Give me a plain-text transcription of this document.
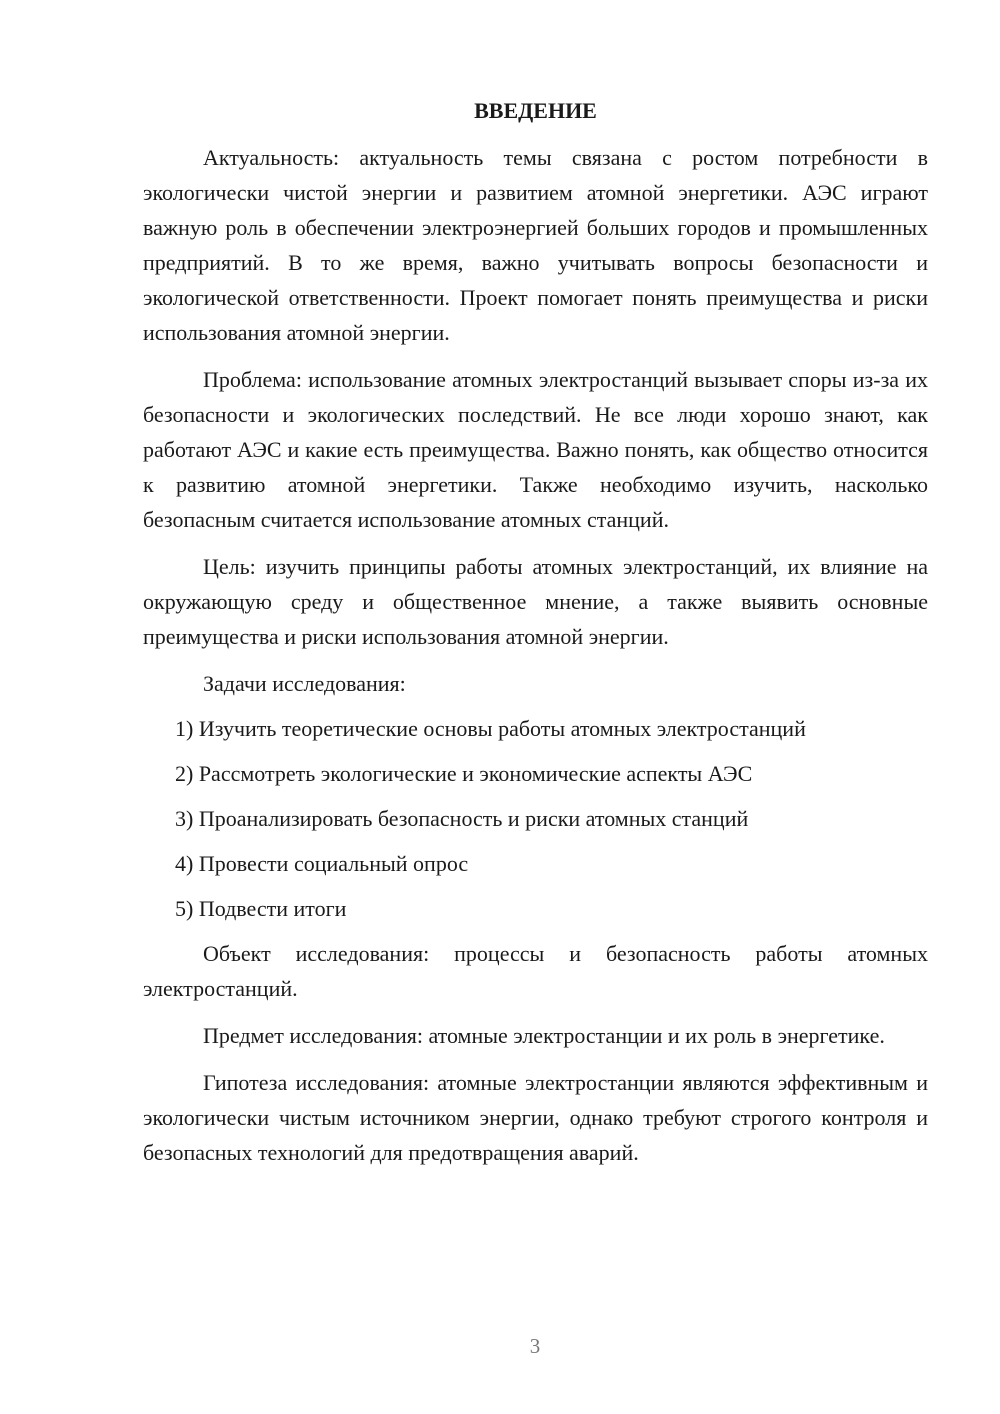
ВВЕДЕНИЕ

Актуальность: актуальность темы связана с ростом потребности в экологически чистой энергии и развитием атомной энергетики. АЭС играют важную роль в обеспечении электроэнергией больших городов и промышленных предприятий. В то же время, важно учитывать вопросы безопасности и экологической ответственности. Проект помогает понять преимущества и риски использования атомной энергии.

Проблема: использование атомных электростанций вызывает споры из-за их безопасности и экологических последствий. Не все люди хорошо знают, как работают АЭС и какие есть преимущества. Важно понять, как общество относится к развитию атомной энергетики. Также необходимо изучить, насколько безопасным считается использование атомных станций.

Цель: изучить принципы работы атомных электростанций, их влияние на окружающую среду и общественное мнение, а также выявить основные преимущества и риски использования атомной энергии.

Задачи исследования:

1) Изучить теоретические основы работы атомных электростанций
2) Рассмотреть экологические и экономические аспекты АЭС
3) Проанализировать безопасность и риски атомных станций
4) Провести социальный опрос
5) Подвести итоги

Объект исследования: процессы и безопасность работы атомных электростанций.

Предмет исследования: атомные электростанции и их роль в энергетике.

Гипотеза исследования: атомные электростанции являются эффективным и экологически чистым источником энергии, однако требуют строгого контроля и безопасных технологий для предотвращения аварий.

3
